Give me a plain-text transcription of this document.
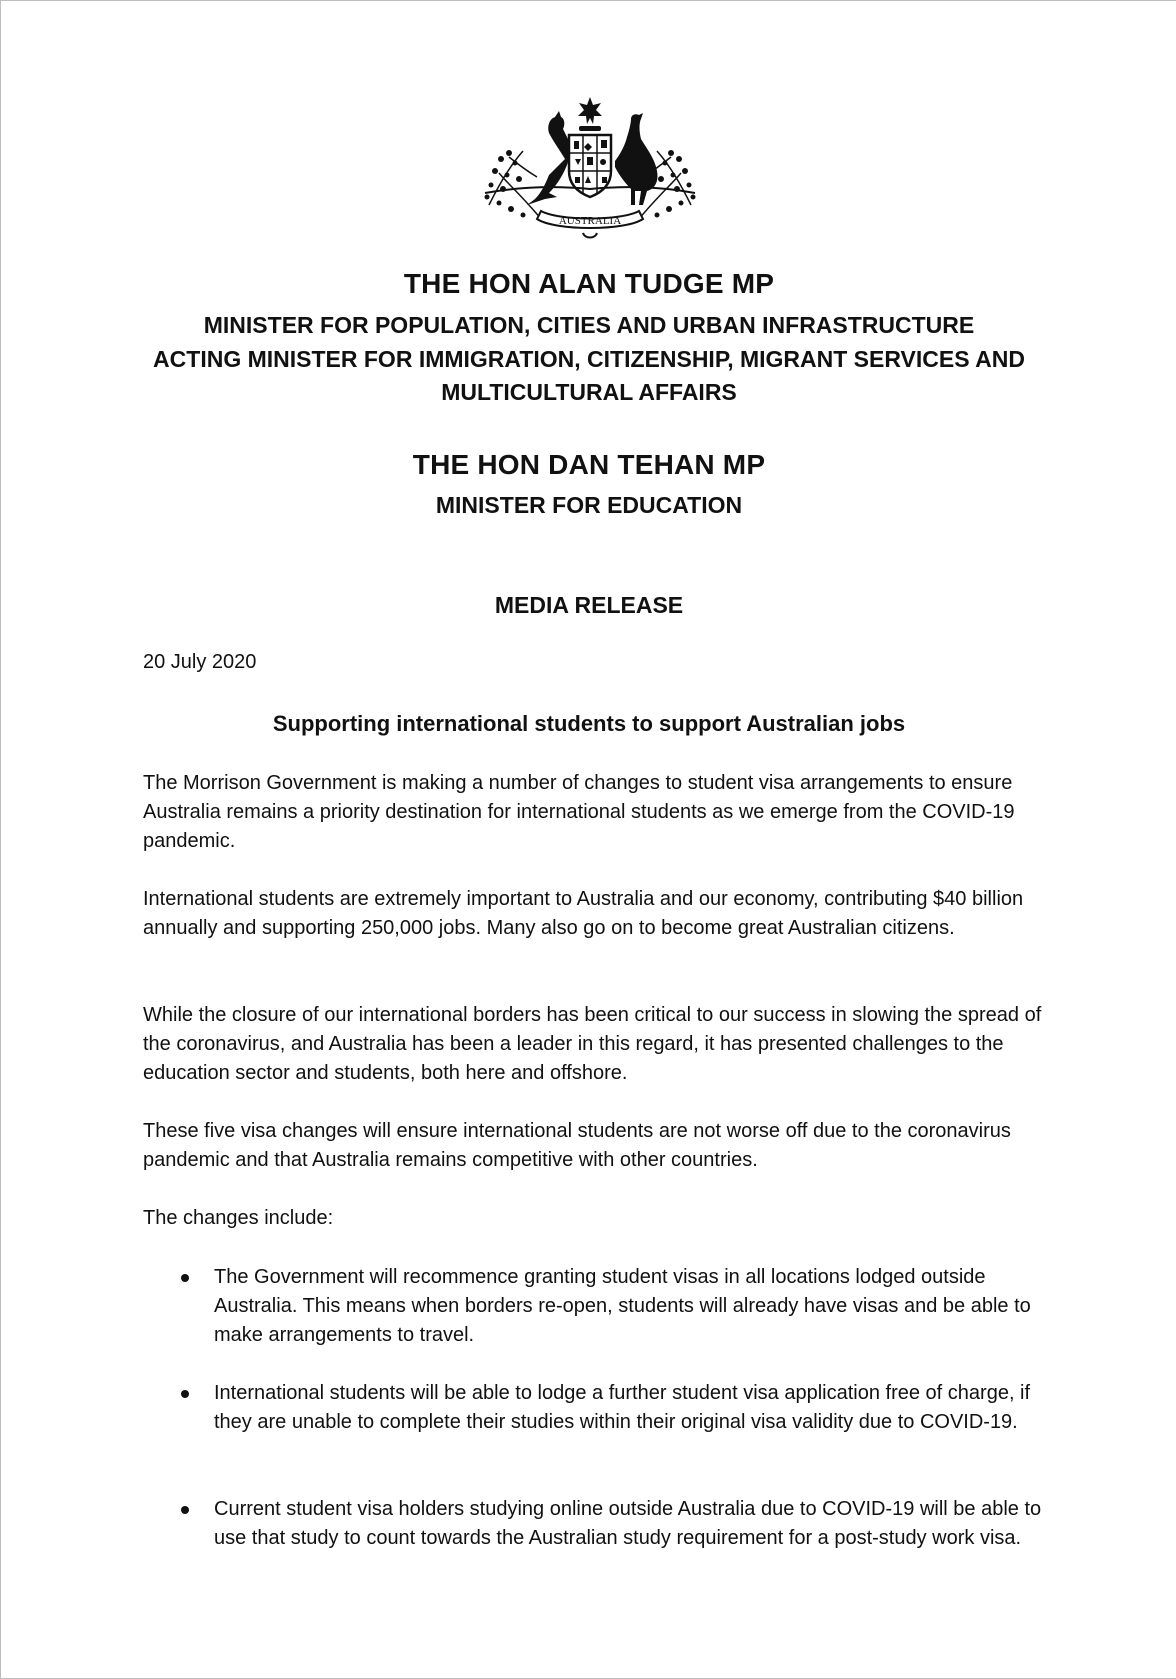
AUSTRALIA
THE HON ALAN TUDGE MP

MINISTER FOR POPULATION, CITIES AND URBAN INFRASTRUCTURE

ACTING MINISTER FOR IMMIGRATION, CITIZENSHIP, MIGRANT SERVICES AND

MULTICULTURAL AFFAIRS

THE HON DAN TEHAN MP

MINISTER FOR EDUCATION

MEDIA RELEASE

20 July 2020

Supporting international students to support Australian jobs

The Morrison Government is making a number of changes to student visa arrangements to ensure Australia remains a priority destination for international students as we emerge from the COVID-19 pandemic.

International students are extremely important to Australia and our economy, contributing $40 billion annually and supporting 250,000 jobs. Many also go on to become great Australian citizens.

While the closure of our international borders has been critical to our success in slowing the spread of the coronavirus, and Australia has been a leader in this regard, it has presented challenges to the education sector and students, both here and offshore.

These five visa changes will ensure international students are not worse off due to the coronavirus pandemic and that Australia remains competitive with other countries.

The changes include:

The Government will recommence granting student visas in all locations lodged outside Australia. This means when borders re-open, students will already have visas and be able to make arrangements to travel.
International students will be able to lodge a further student visa application free of charge, if they are unable to complete their studies within their original visa validity due to COVID-19.
Current student visa holders studying online outside Australia due to COVID-19 will be able to use that study to count towards the Australian study requirement for a post-study work visa.
